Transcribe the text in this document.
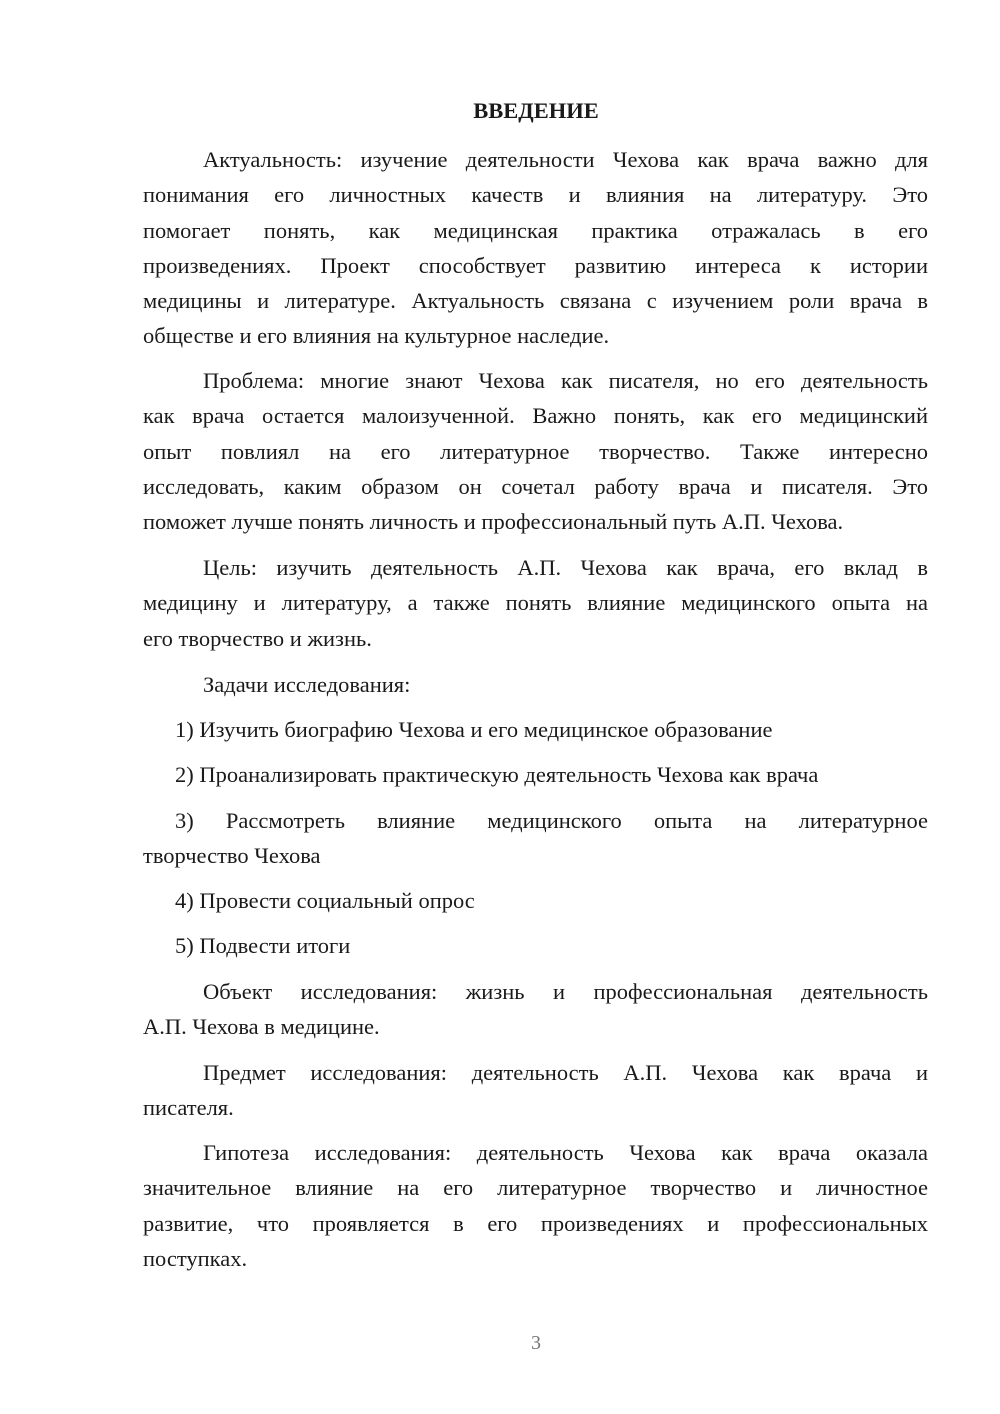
ВВЕДЕНИЕ
Актуальность: изучение деятельности Чехова как врача важно для
понимания его личностных качеств и влияния на литературу. Это
помогает понять, как медицинская практика отражалась в его
произведениях. Проект способствует развитию интереса к истории
медицины и литературе. Актуальность связана с изучением роли врача в
обществе и его влияния на культурное наследие.
Проблема: многие знают Чехова как писателя, но его деятельность
как врача остается малоизученной. Важно понять, как его медицинский
опыт повлиял на его литературное творчество. Также интересно
исследовать, каким образом он сочетал работу врача и писателя. Это
поможет лучше понять личность и профессиональный путь А.П. Чехова.
Цель: изучить деятельность А.П. Чехова как врача, его вклад в
медицину и литературу, а также понять влияние медицинского опыта на
его творчество и жизнь.
Задачи исследования:
1) Изучить биографию Чехова и его медицинское образование
2) Проанализировать практическую деятельность Чехова как врача
3) Рассмотреть влияние медицинского опыта на литературное
творчество Чехова
4) Провести социальный опрос
5) Подвести итоги
Объект исследования: жизнь и профессиональная деятельность
А.П. Чехова в медицине.
Предмет исследования: деятельность А.П. Чехова как врача и
писателя.
Гипотеза исследования: деятельность Чехова как врача оказала
значительное влияние на его литературное творчество и личностное
развитие, что проявляется в его произведениях и профессиональных
поступках.
3
